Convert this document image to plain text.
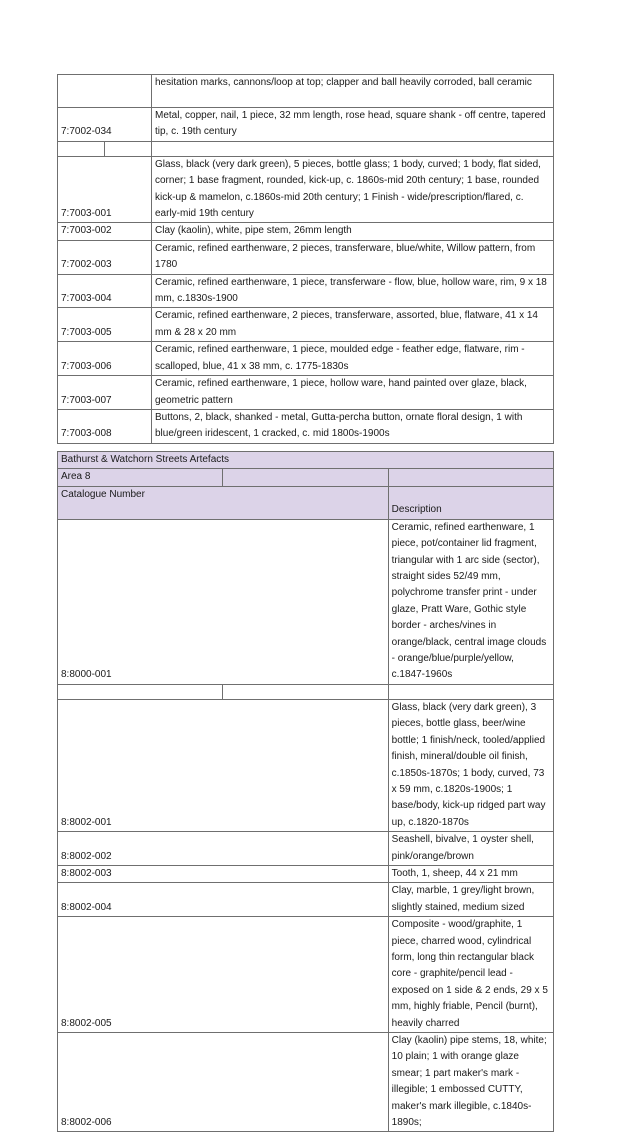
		hesitation marks, cannons/loop at top; clapper and ball heavily corroded, ball ceramic
7:7002-034		Metal, copper, nail, 1 piece, 32 mm length, rose head, square shank - off centre, tapered tip, c. 19th century

7:7003-001		Glass, black (very dark green), 5 pieces, bottle glass; 1 body, curved; 1 body, flat sided, corner; 1 base fragment, rounded, kick-up, c. 1860s-mid 20th century; 1 base, rounded kick-up & mamelon, c.1860s-mid 20th century; 1 Finish - wide/prescription/flared, c. early-mid 19th century
7:7003-002		Clay (kaolin), white, pipe stem, 26mm length
7:7002-003		Ceramic, refined earthenware, 2 pieces, transferware, blue/white, Willow pattern, from 1780
7:7003-004		Ceramic, refined earthenware, 1 piece, transferware - flow, blue, hollow ware, rim, 9 x 18 mm, c.1830s-1900
7:7003-005		Ceramic, refined earthenware, 2 pieces, transferware, assorted, blue, flatware, 41 x 14 mm & 28 x 20 mm
7:7003-006		Ceramic, refined earthenware, 1 piece, moulded edge - feather edge, flatware, rim - scalloped, blue, 41 x 38 mm, c. 1775-1830s
7:7003-007		Ceramic, refined earthenware, 1 piece, hollow ware, hand painted over glaze, black, geometric pattern
7:7003-008		Buttons, 2, black, shanked - metal, Gutta-percha button, ornate floral design, 1 with blue/green iridescent, 1 cracked, c. mid 1800s-1900s
Bathurst & Watchorn Streets Artefacts		
Area 8		
Catalogue Number		Description
8:8000-001		Ceramic, refined earthenware, 1 piece, pot/container lid fragment, triangular with 1 arc side (sector), straight sides 52/49 mm, polychrome transfer print - under glaze, Pratt Ware, Gothic style border - arches/vines in orange/black, central image clouds - orange/blue/purple/yellow, c.1847-1960s

8:8002-001		Glass, black (very dark green), 3 pieces, bottle glass, beer/wine bottle; 1 finish/neck, tooled/applied finish, mineral/double oil finish, c.1850s-1870s; 1 body, curved, 73 x 59 mm, c.1820s-1900s; 1 base/body, kick-up ridged part way up, c.1820-1870s
8:8002-002		Seashell, bivalve, 1 oyster shell, pink/orange/brown
8:8002-003		Tooth, 1, sheep, 44 x 21 mm
8:8002-004		Clay, marble, 1 grey/light brown, slightly stained, medium sized
8:8002-005		Composite - wood/graphite, 1 piece, charred wood, cylindrical form, long thin rectangular black core - graphite/pencil lead - exposed on 1 side & 2 ends, 29 x 5 mm, highly friable, Pencil (burnt), heavily charred
8:8002-006		Clay (kaolin) pipe stems, 18, white; 10 plain; 1 with orange glaze smear; 1 part maker's mark - illegible; 1 embossed CUTTY, maker's mark illegible, c.1840s-1890s;
